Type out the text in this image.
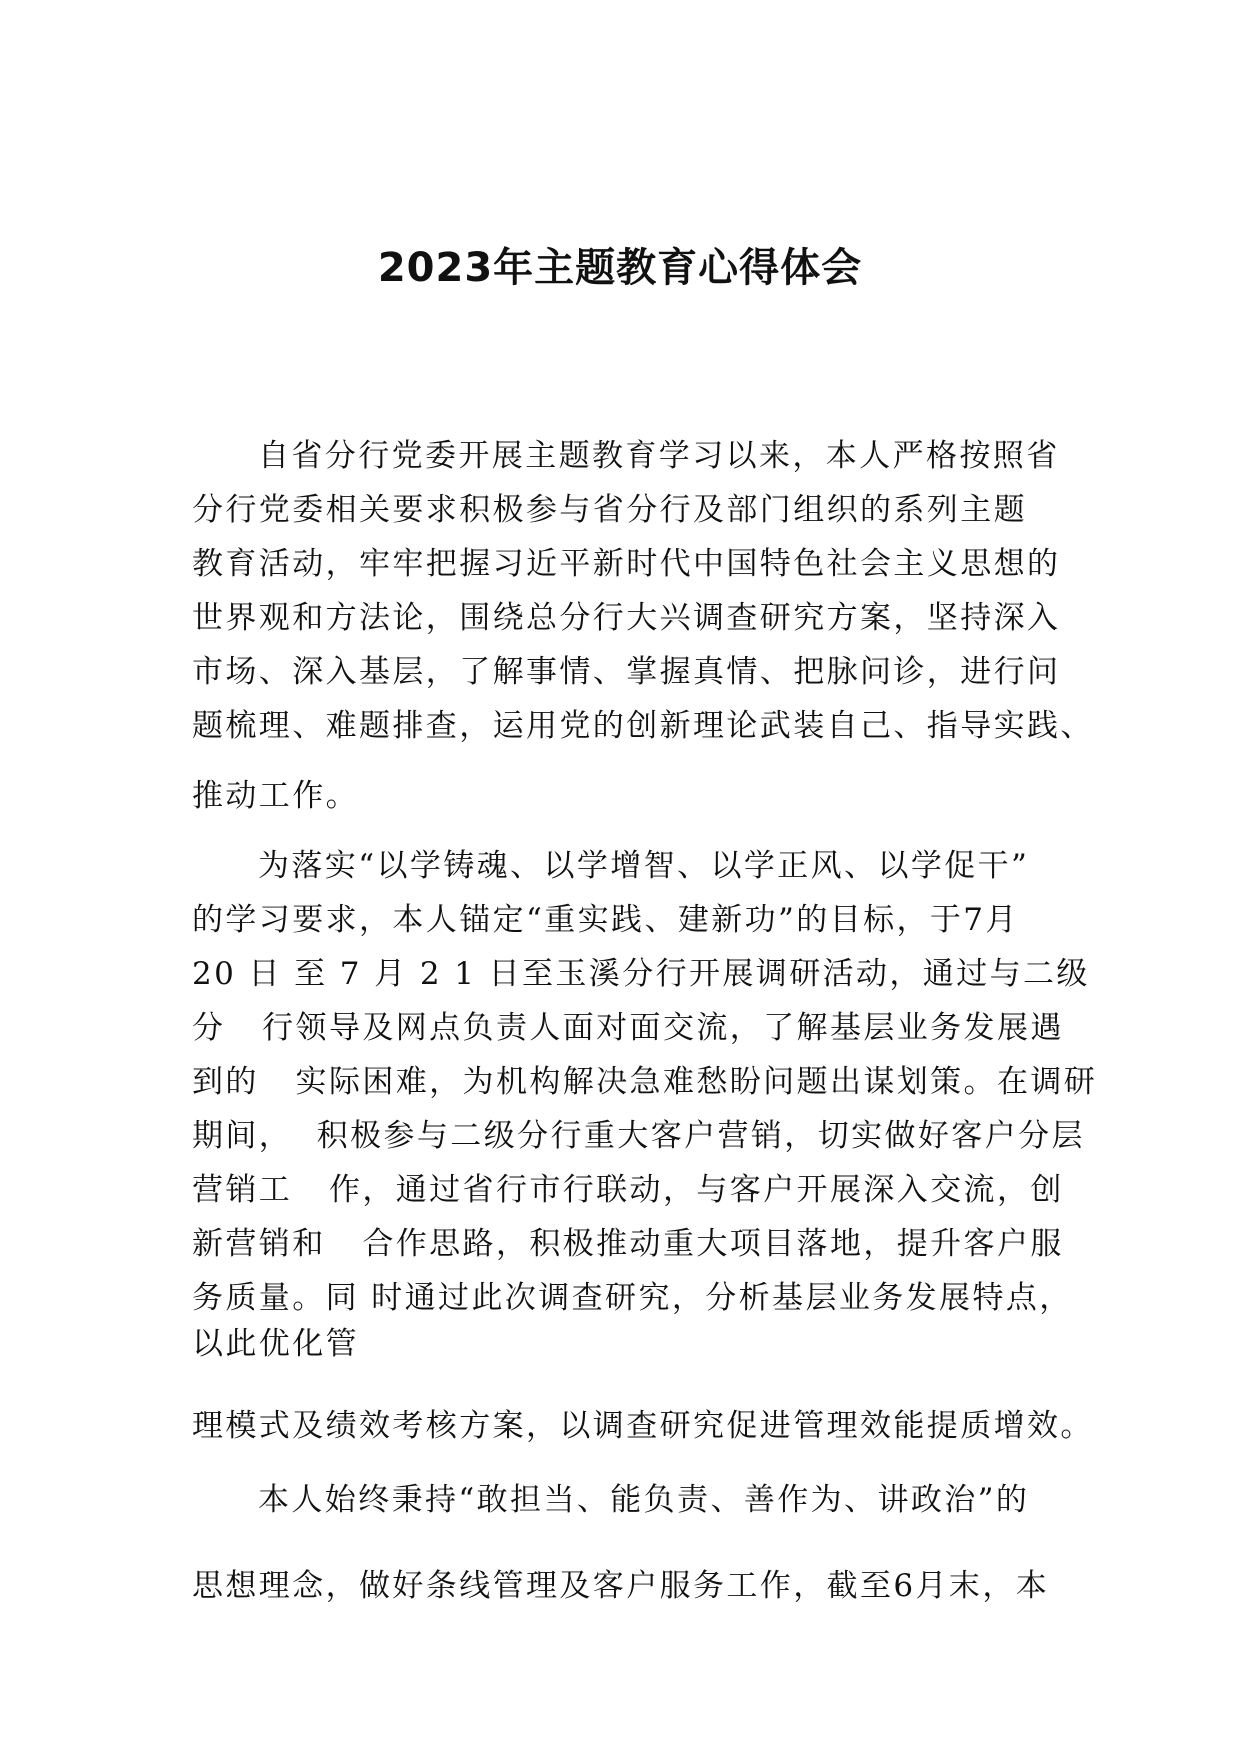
2023年主题教育心得体会
自省分行党委开展主题教育学习以来，本人严格按照省
分行党委相关要求积极参与省分行及部门组织的系列主题
教育活动，牢牢把握习近平新时代中国特色社会主义思想的
世界观和方法论，围绕总分行大兴调查研究方案，坚持深入
市场、深入基层，了解事情、掌握真情、把脉问诊，进行问
题梳理、难题排查，运用党的创新理论武装自己、指导实践、
推动工作。
为落实“以学铸魂、以学增智、以学正风、以学促干”
的学习要求，本人锚定“重实践、建新功”的目标，于7月
20 日 至 7 月 2 1 日至玉溪分行开展调研活动，通过与二级
分   行领导及网点负责人面对面交流，了解基层业务发展遇
到的   实际困难，为机构解决急难愁盼问题出谋划策。在调研
期间，  积极参与二级分行重大客户营销，切实做好客户分层
营销工   作，通过省行市行联动，与客户开展深入交流，创
新营销和   合作思路，积极推动重大项目落地，提升客户服
务质量。同 时通过此次调查研究，分析基层业务发展特点，
以此优化管
理模式及绩效考核方案，以调查研究促进管理效能提质增效。
本人始终秉持“敢担当、能负责、善作为、讲政治”的
思想理念，做好条线管理及客户服务工作，截至6月末，本
